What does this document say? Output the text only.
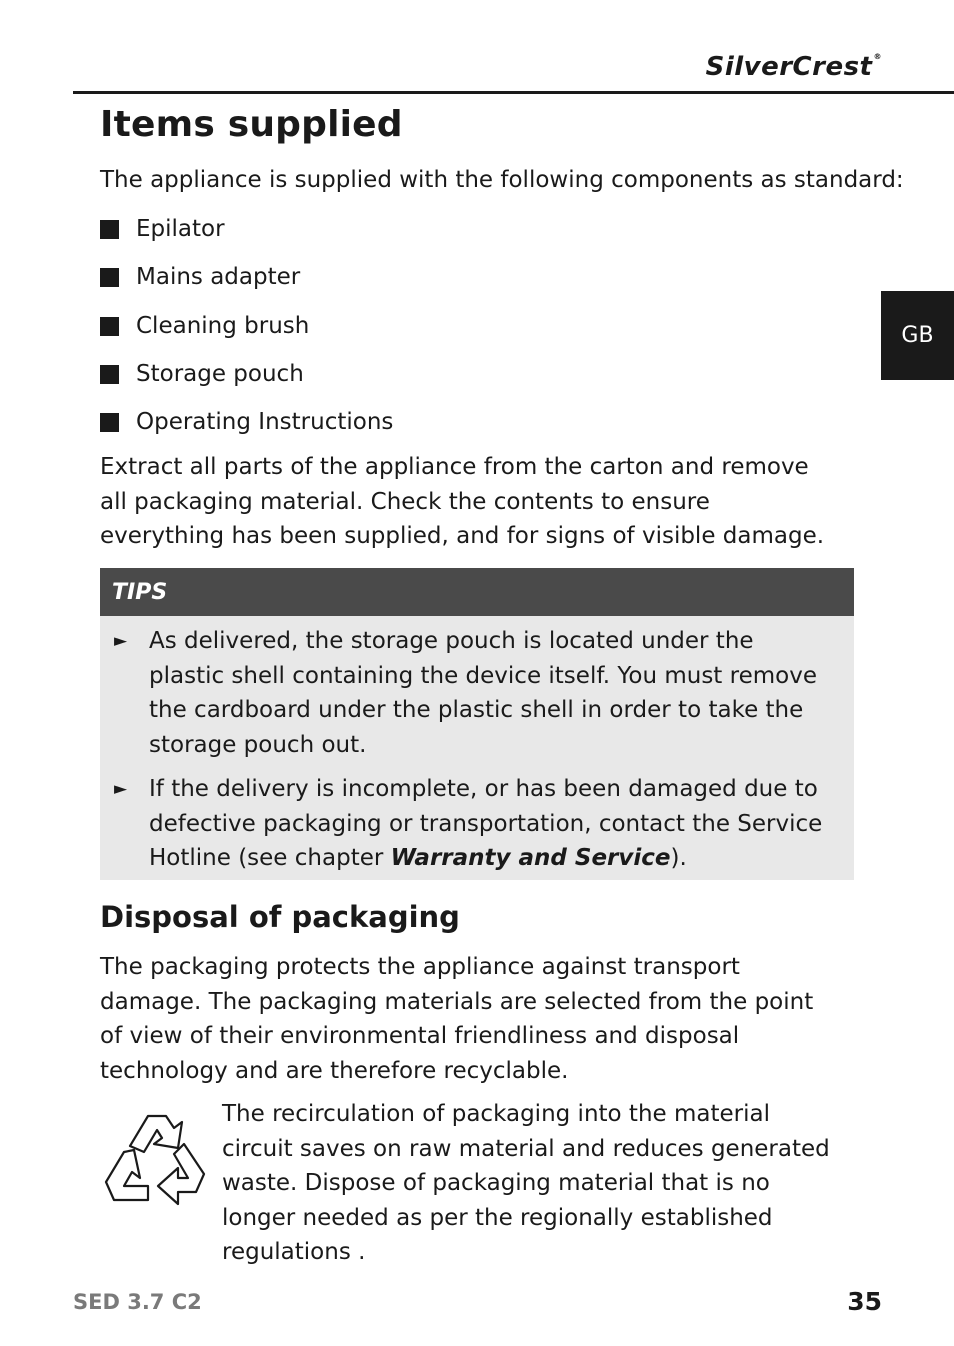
SilverCrest®
GB
Items supplied

The appliance is supplied with the following components as standard:

Epilator
Mains adapter
Cleaning brush
Storage pouch
Operating Instructions

Extract all parts of the appliance from the carton and remove all packaging material. Check the contents to ensure everything has been supplied, and for signs of visible damage.

TIPS
► As delivered, the storage pouch is located under the plastic shell containing the device itself. You must remove the cardboard under the plastic shell in order to take the storage pouch out.
► If the delivery is incomplete, or has been damaged due to defective packaging or transportation, contact the Service Hotline (see chapter Warranty and Service).
Disposal of packaging

The packaging protects the appliance against transport damage. The packaging materials are selected from the point of view of their environmental friendliness and disposal technology and are therefore recyclable.

The recirculation of packaging into the material circuit saves on raw material and reduces generated waste. Dispose of packaging material that is no longer needed as per the regionally established regulations .

SED 3.7 C2	35
